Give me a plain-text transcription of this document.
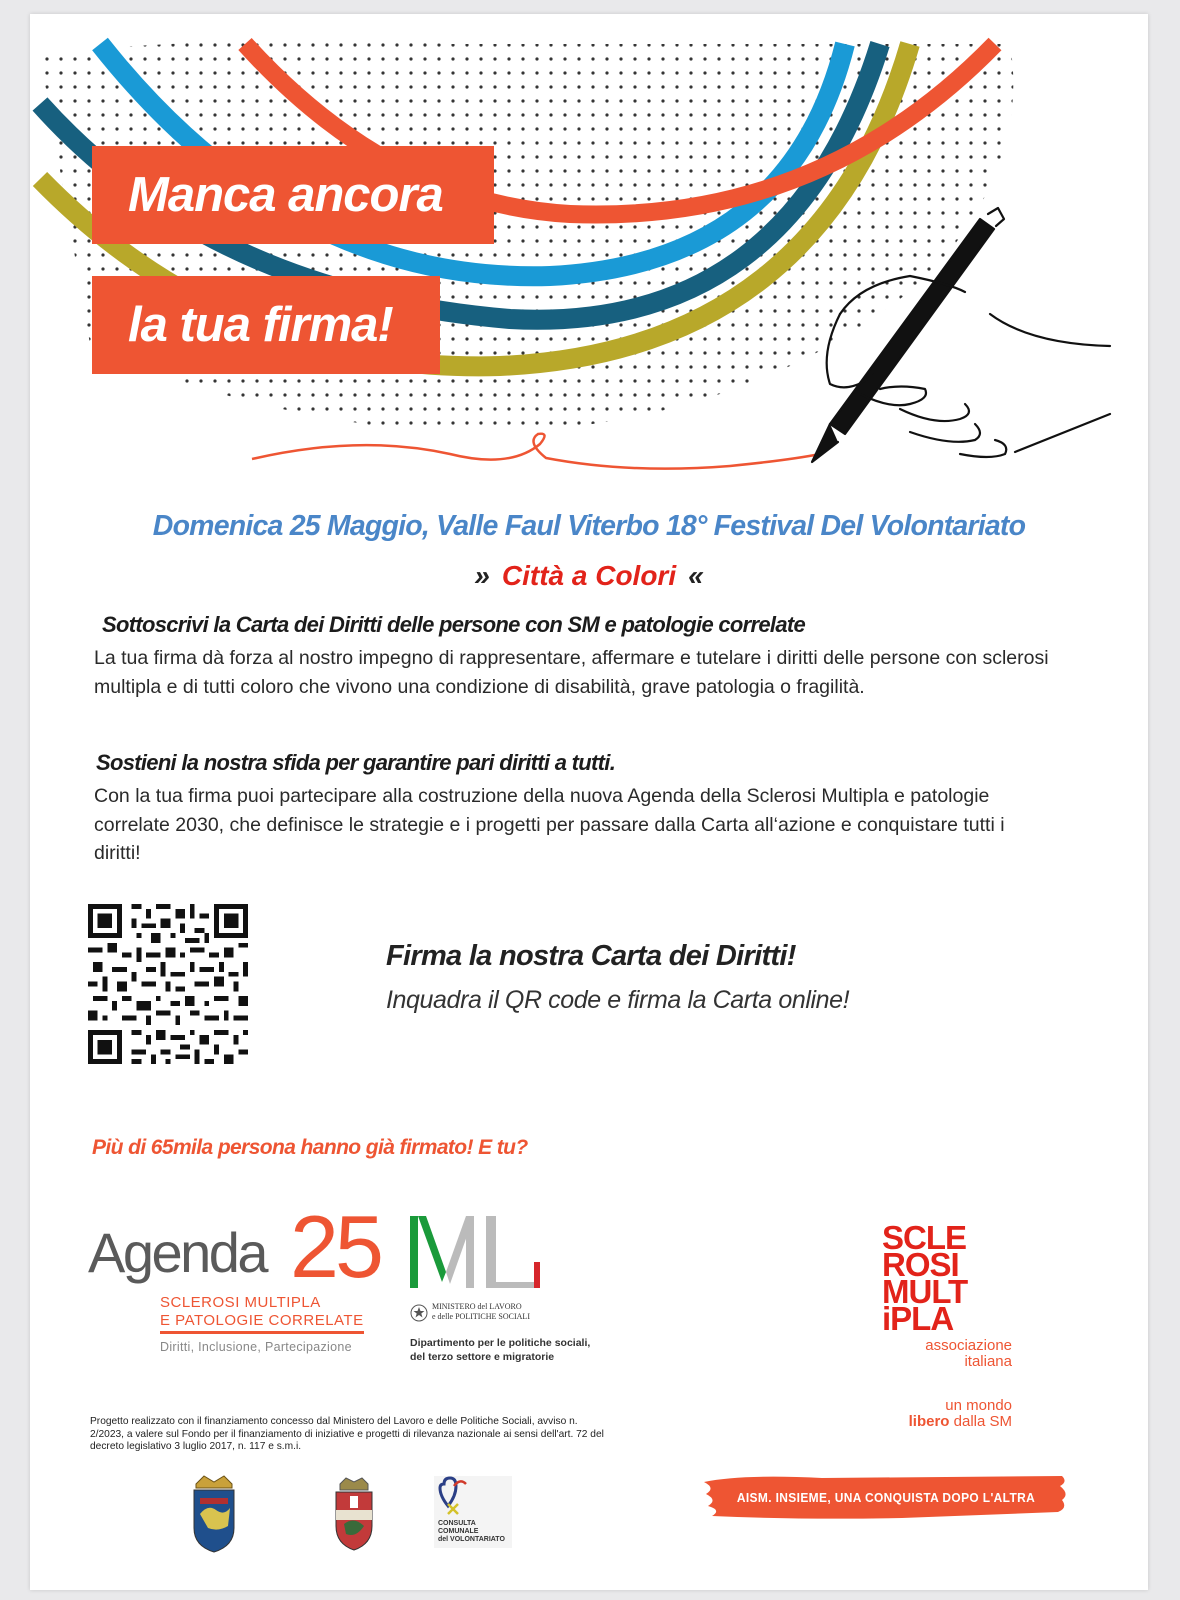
Manca ancora
la tua firma!
Domenica 25 Maggio, Valle Faul Viterbo 18° Festival Del Volontariato
» Città a Colori «
Sottoscrivi la Carta dei Diritti delle persone con SM e patologie correlate
La tua firma dà forza al nostro impegno di rappresentare, affermare e tutelare i diritti delle persone con sclerosi multipla e di tutti coloro che vivono una condizione di disabilità, grave patologia o fragilità.
Sostieni la nostra sfida per garantire pari diritti a tutti.
Con la tua firma puoi partecipare alla costruzione della nuova Agenda della Sclerosi Multipla e patologie correlate 2030, che definisce le strategie e i progetti per passare dalla Carta all‘azione e conquistare tutti i diritti!
Firma la nostra Carta dei Diritti!
Inquadra il QR code e firma la Carta online!
Più di 65mila persona hanno già firmato! E tu?
Agenda 25
SCLEROSI MULTIPLA
E PATOLOGIE CORRELATE
Diritti, Inclusione, Partecipazione
MINISTERO del LAVORO
e delle POLITICHE SOCIALI
Dipartimento per le politiche sociali,
del terzo settore e migratorie
SCLE
ROSI
MULT
iPLA
associazione
italiana
un mondo
libero dalla SM
Progetto realizzato con il finanziamento concesso dal Ministero del Lavoro e delle Politiche Sociali, avviso n. 2/2023, a valere sul Fondo per il finanziamento di iniziative e progetti di rilevanza nazionale ai sensi dell'art. 72 del decreto legislativo 3 luglio 2017, n. 117 e s.m.i.
CONSULTA COMUNALE
del VOLONTARIATO
AISM. INSIEME, UNA CONQUISTA DOPO L'ALTRA
